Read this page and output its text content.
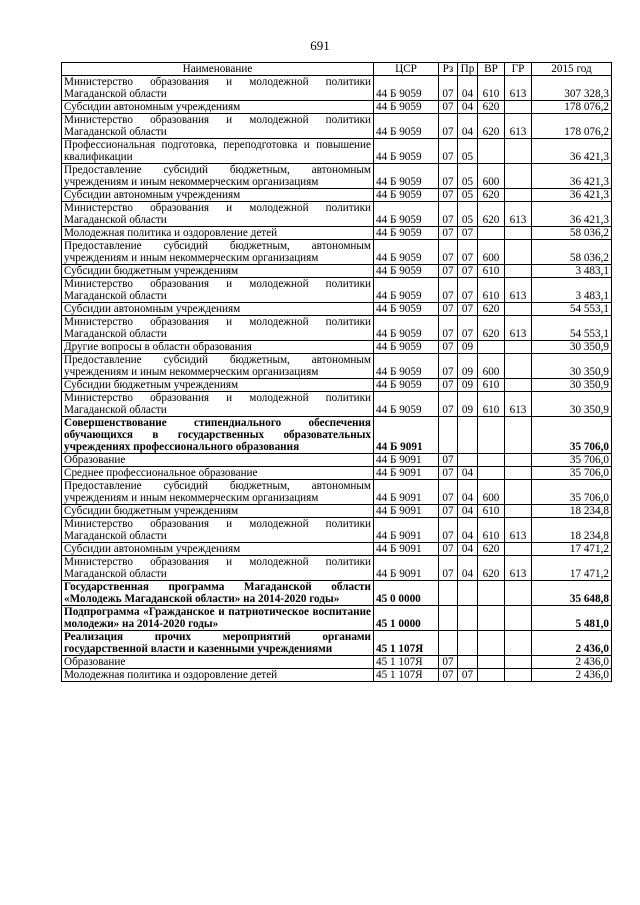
691
Наименование	ЦСР	Рз	Пр	ВР	ГР	2015 год
Министерство образования и молодежной политики Магаданской области	44 Б 9059	07	04	610	613	307 328,3
Субсидии автономным учреждениям	44 Б 9059	07	04	620		178 076,2
Министерство образования и молодежной политики Магаданской области	44 Б 9059	07	04	620	613	178 076,2
Профессиональная подготовка, переподготовка и повышение квалификации	44 Б 9059	07	05			36 421,3
Предоставление субсидий бюджетным, автономным учреждениям и иным некоммерческим организациям	44 Б 9059	07	05	600		36 421,3
Субсидии автономным учреждениям	44 Б 9059	07	05	620		36 421,3
Министерство образования и молодежной политики Магаданской области	44 Б 9059	07	05	620	613	36 421,3
Молодежная политика и оздоровление детей	44 Б 9059	07	07			58 036,2
Предоставление субсидий бюджетным, автономным учреждениям и иным некоммерческим организациям	44 Б 9059	07	07	600		58 036,2
Субсидии бюджетным учреждениям	44 Б 9059	07	07	610		3 483,1
Министерство образования и молодежной политики Магаданской области	44 Б 9059	07	07	610	613	3 483,1
Субсидии автономным учреждениям	44 Б 9059	07	07	620		54 553,1
Министерство образования и молодежной политики Магаданской области	44 Б 9059	07	07	620	613	54 553,1
Другие вопросы в области образования	44 Б 9059	07	09			30 350,9
Предоставление субсидий бюджетным, автономным учреждениям и иным некоммерческим организациям	44 Б 9059	07	09	600		30 350,9
Субсидии бюджетным учреждениям	44 Б 9059	07	09	610		30 350,9
Министерство образования и молодежной политики Магаданской области	44 Б 9059	07	09	610	613	30 350,9
Совершенствование стипендиального обеспечения обучающихся в государственных образовательных учреждениях профессионального образования	44 Б 9091					35 706,0
Образование	44 Б 9091	07				35 706,0
Среднее профессиональное образование	44 Б 9091	07	04			35 706,0
Предоставление субсидий бюджетным, автономным учреждениям и иным некоммерческим организациям	44 Б 9091	07	04	600		35 706,0
Субсидии бюджетным учреждениям	44 Б 9091	07	04	610		18 234,8
Министерство образования и молодежной политики Магаданской области	44 Б 9091	07	04	610	613	18 234,8
Субсидии автономным учреждениям	44 Б 9091	07	04	620		17 471,2
Министерство образования и молодежной политики Магаданской области	44 Б 9091	07	04	620	613	17 471,2
Государственная программа Магаданской области «Молодежь Магаданской области» на 2014-2020 годы»	45 0 0000					35 648,8
Подпрограмма «Гражданское и патриотическое воспитание молодежи» на 2014-2020 годы»	45 1 0000					5 481,0
Реализация прочих мероприятий органами государственной власти и казенными учреждениями	45 1 107Я					2 436,0
Образование	45 1 107Я	07				2 436,0
Молодежная политика и оздоровление детей	45 1 107Я	07	07			2 436,0
